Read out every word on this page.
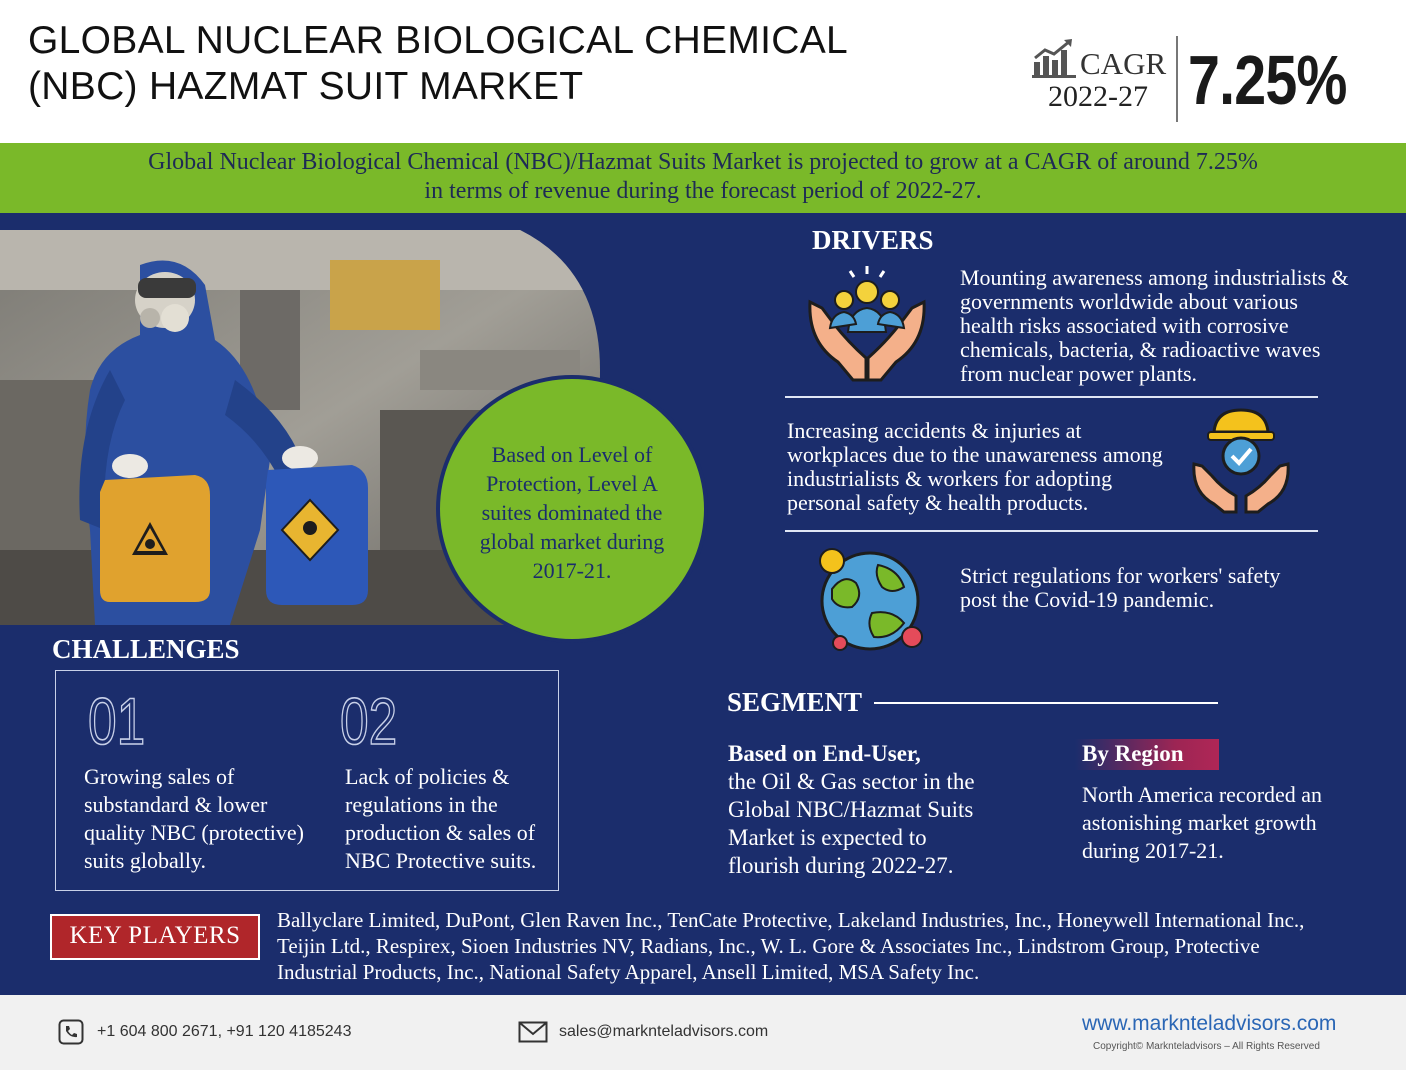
GLOBAL NUCLEAR BIOLOGICAL CHEMICAL
(NBC) HAZMAT SUIT MARKET
CAGR
2022-27 7.25%
Global Nuclear Biological Chemical (NBC)/Hazmat Suits Market is projected to grow at a CAGR of around 7.25%
in terms of revenue during the forecast period of 2022-27.
Based on Level of
Protection, Level A
suites dominated the
global market during
2017-21.
DRIVERS
Mounting awareness among industrialists &
governments worldwide about various
health risks associated with corrosive
chemicals, bacteria, & radioactive waves
from nuclear power plants.
Increasing accidents & injuries at
workplaces due to the unawareness among
industrialists & workers for adopting
personal safety & health products.
Strict regulations for workers' safety
post the Covid-19 pandemic.
CHALLENGES
01
Growing sales of
substandard & lower
quality NBC (protective)
suits globally.
02
Lack of policies &
regulations in the
production & sales of
NBC Protective suits.
SEGMENT
Based on End-User,
the Oil & Gas sector in the
Global NBC/Hazmat Suits
Market is expected to
flourish during 2022-27.
By Region
North America recorded an
astonishing market growth
during 2017-21.
KEY PLAYERS
Ballyclare Limited, DuPont, Glen Raven Inc., TenCate Protective, Lakeland Industries, Inc., Honeywell International Inc.,
Teijin Ltd., Respirex, Sioen Industries NV, Radians, Inc., W. L. Gore & Associates Inc., Lindstrom Group, Protective
Industrial Products, Inc., National Safety Apparel, Ansell Limited, MSA Safety Inc.
+1 604 800 2671, +91 120 4185243	sales@marknteladvisors.com	www.marknteladvisors.com
Copyright© Marknteladvisors – All Rights Reserved
